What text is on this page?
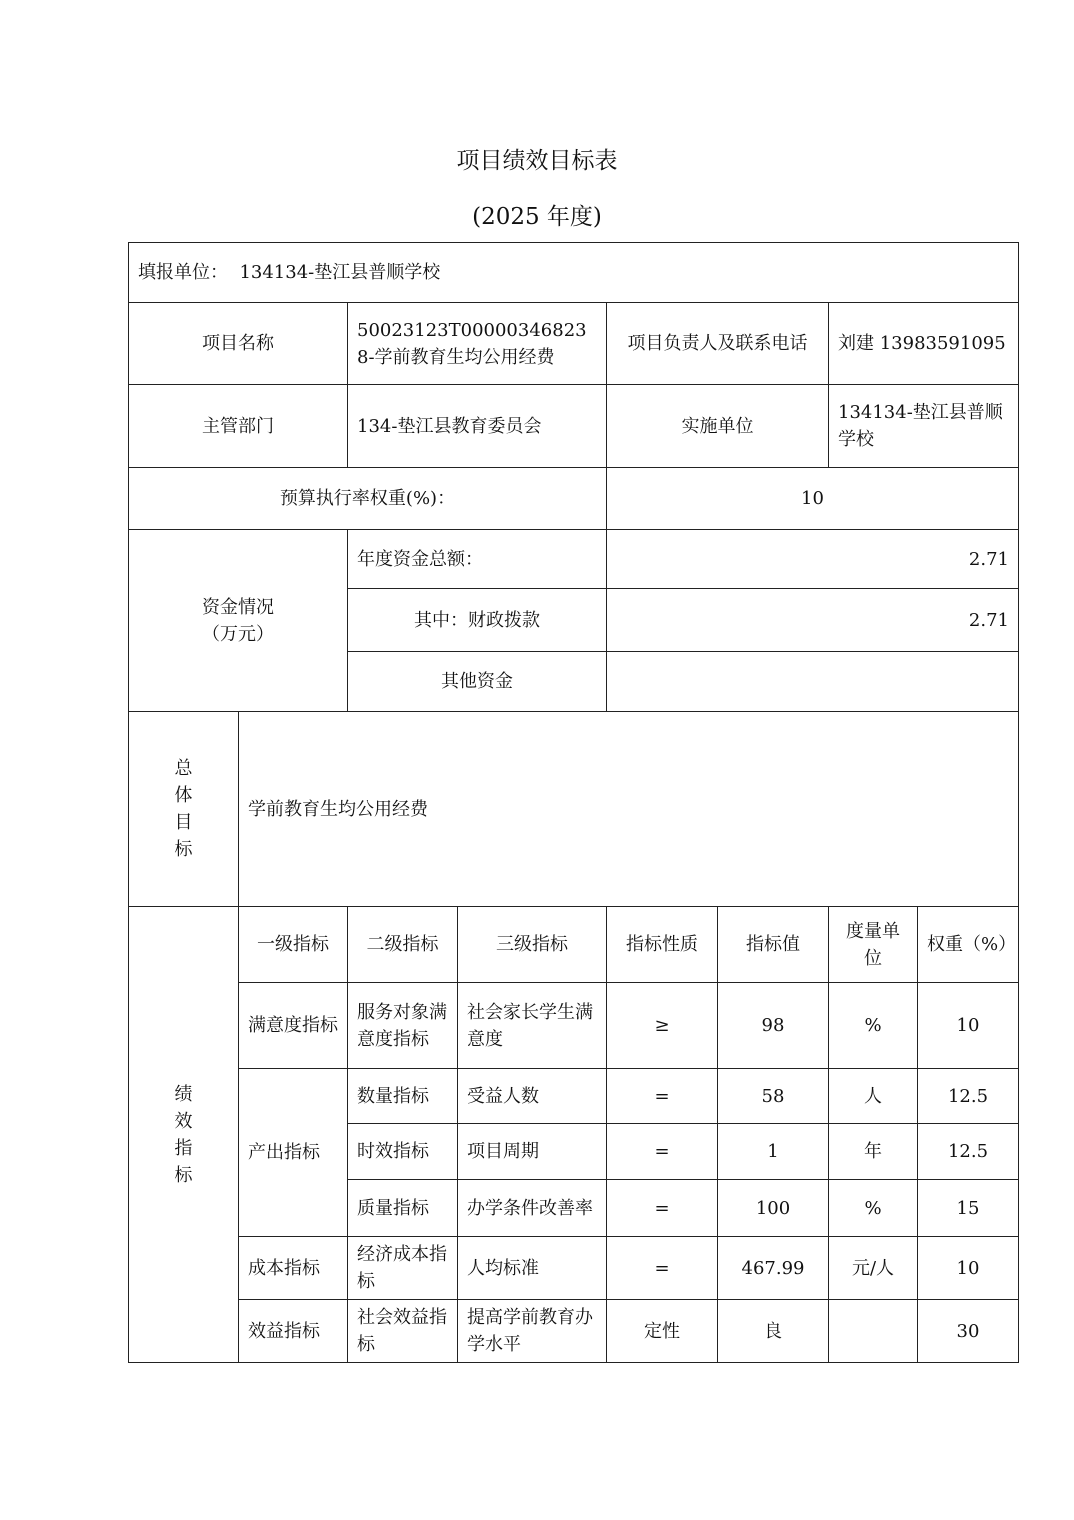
项目绩效目标表
(2025 年度)
填报单位： 134134-垫江县普顺学校							
项目名称		50023123T000003468238-学前教育生均公用经费		项目负责人及联系电话		刘建 13983591095	
主管部门		134-垫江县教育委员会		实施单位		134134-垫江县普顺学校	
预算执行率权重(%)：				10			

资金情况
（万元）		年度资金总额：		2.71			
		其中：财政拨款		2.71			
		其他资金					

总
体
目
标	学前教育生均公用经费						

绩
效
指
标	一级指标	二级指标	三级指标	指标性质	指标值	度量单位	权重（%）
	满意度指标	服务对象满意度指标	社会家长学生满意度	≥	98	%	10
	产出指标	数量指标	受益人数	=	58	人	12.5
		时效指标	项目周期	=	1	年	12.5
		质量指标	办学条件改善率	=	100	%	15
	成本指标	经济成本指标	人均标准	=	467.99	元/人	10
	效益指标	社会效益指标	提高学前教育办学水平	定性	良		30
